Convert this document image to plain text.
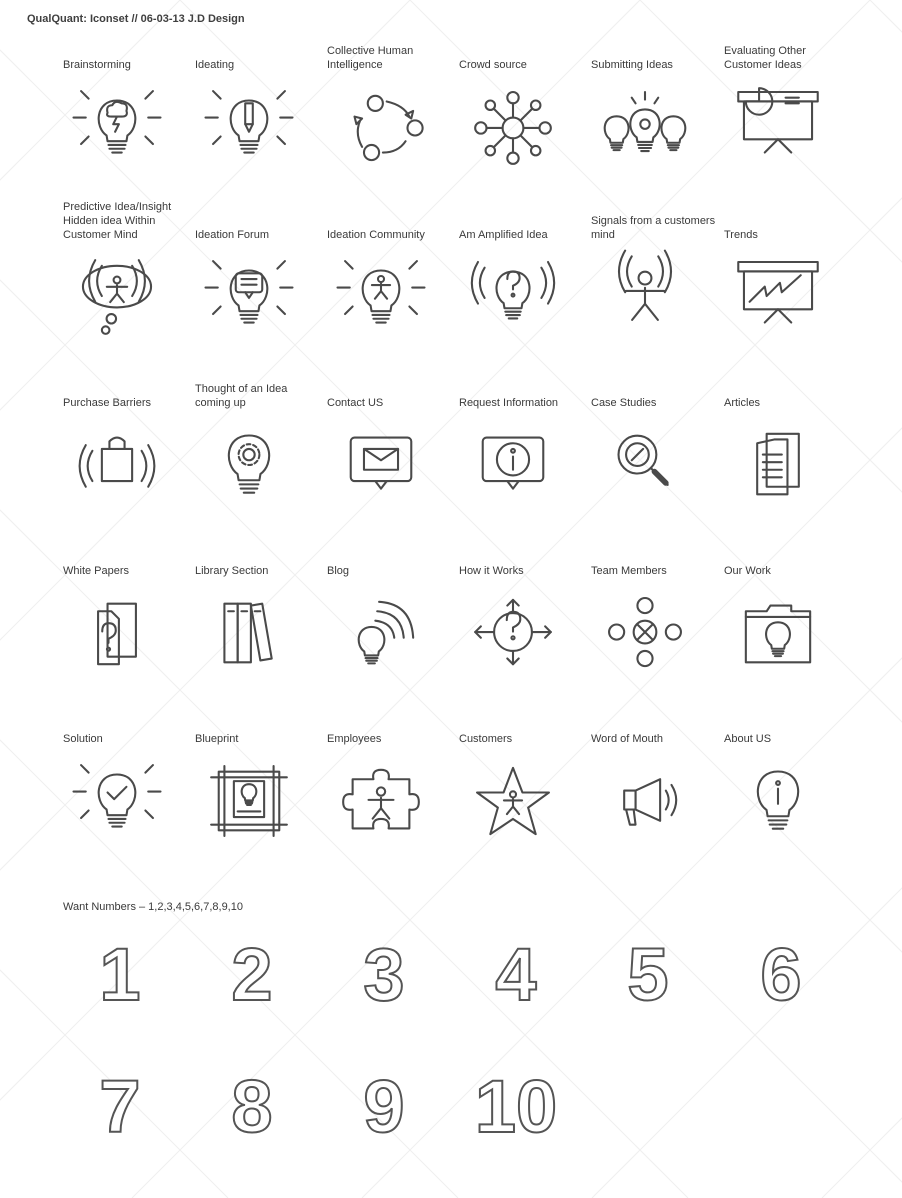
QualQuant: Iconset // 06-03-13 J.D Design
Brainstorming	Ideating
Collective Human Intelligence	Crowd source	Submitting Ideas
Evaluating Other Customer Ideas
Predictive Idea/Insight Hidden idea Within Customer Mind	Ideation Forum	Ideation Community	Am Amplified Idea
Signals from a customers mind	Trends
Purchase Barriers
Thought of an Idea coming up	Contact US	Request Information	Case Studies	Articles
White Papers	Library Section	Blog	How it Works	Team Members	Our Work
Solution	Blueprint	Employees	Customers	Word of Mouth	About US
Want Numbers – 1,2,3,4,5,6,7,8,9,10
1	2	3	4	5	6
7	8	9 10
